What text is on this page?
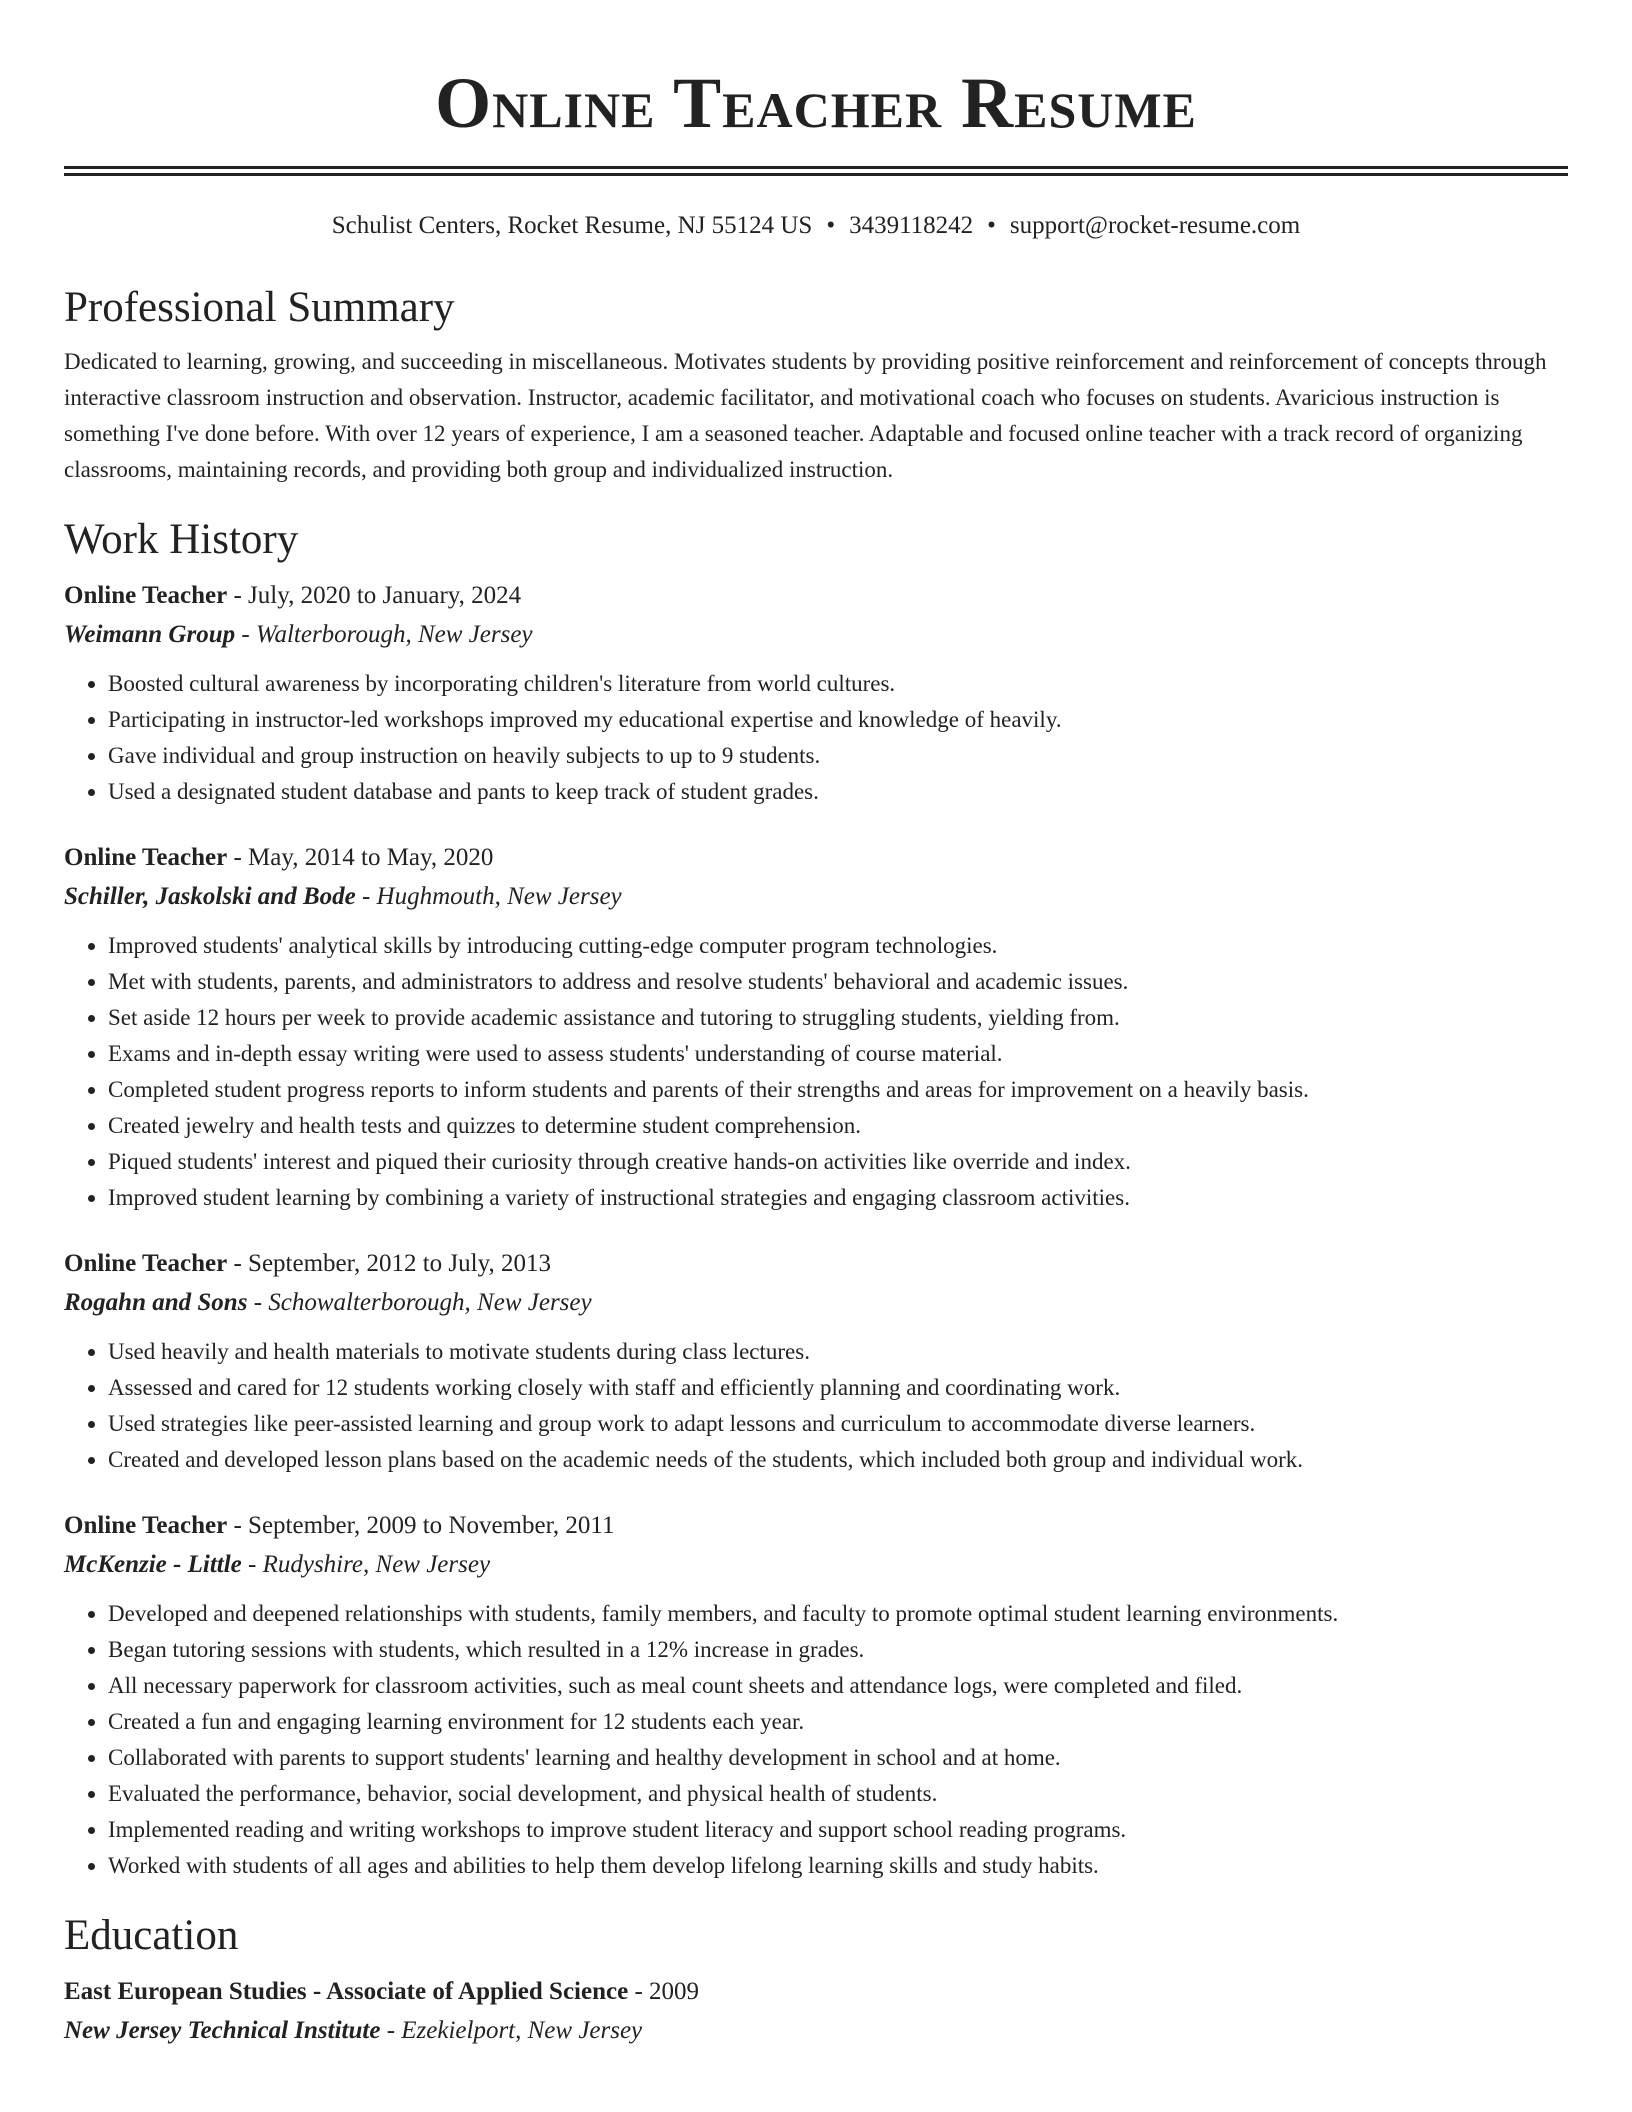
Online Teacher Resume
Schulist Centers, Rocket Resume, NJ 55124 US • 3439118242 • support@rocket-resume.com
Professional Summary
Dedicated to learning, growing, and succeeding in miscellaneous. Motivates students by providing positive reinforcement and reinforcement of concepts through interactive classroom instruction and observation. Instructor, academic facilitator, and motivational coach who focuses on students. Avaricious instruction is something I've done before. With over 12 years of experience, I am a seasoned teacher. Adaptable and focused online teacher with a track record of organizing classrooms, maintaining records, and providing both group and individualized instruction.
Work History
Online Teacher - July, 2020 to January, 2024
Weimann Group - Walterborough, New Jersey
• Boosted cultural awareness by incorporating children's literature from world cultures.
• Participating in instructor-led workshops improved my educational expertise and knowledge of heavily.
• Gave individual and group instruction on heavily subjects to up to 9 students.
• Used a designated student database and pants to keep track of student grades.
Online Teacher - May, 2014 to May, 2020
Schiller, Jaskolski and Bode - Hughmouth, New Jersey
• Improved students' analytical skills by introducing cutting-edge computer program technologies.
• Met with students, parents, and administrators to address and resolve students' behavioral and academic issues.
• Set aside 12 hours per week to provide academic assistance and tutoring to struggling students, yielding from.
• Exams and in-depth essay writing were used to assess students' understanding of course material.
• Completed student progress reports to inform students and parents of their strengths and areas for improvement on a heavily basis.
• Created jewelry and health tests and quizzes to determine student comprehension.
• Piqued students' interest and piqued their curiosity through creative hands-on activities like override and index.
• Improved student learning by combining a variety of instructional strategies and engaging classroom activities.
Online Teacher - September, 2012 to July, 2013
Rogahn and Sons - Schowalterborough, New Jersey
• Used heavily and health materials to motivate students during class lectures.
• Assessed and cared for 12 students working closely with staff and efficiently planning and coordinating work.
• Used strategies like peer-assisted learning and group work to adapt lessons and curriculum to accommodate diverse learners.
• Created and developed lesson plans based on the academic needs of the students, which included both group and individual work.
Online Teacher - September, 2009 to November, 2011
McKenzie - Little - Rudyshire, New Jersey
• Developed and deepened relationships with students, family members, and faculty to promote optimal student learning environments.
• Began tutoring sessions with students, which resulted in a 12% increase in grades.
• All necessary paperwork for classroom activities, such as meal count sheets and attendance logs, were completed and filed.
• Created a fun and engaging learning environment for 12 students each year.
• Collaborated with parents to support students' learning and healthy development in school and at home.
• Evaluated the performance, behavior, social development, and physical health of students.
• Implemented reading and writing workshops to improve student literacy and support school reading programs.
• Worked with students of all ages and abilities to help them develop lifelong learning skills and study habits.
Education
East European Studies - Associate of Applied Science - 2009
New Jersey Technical Institute - Ezekielport, New Jersey
